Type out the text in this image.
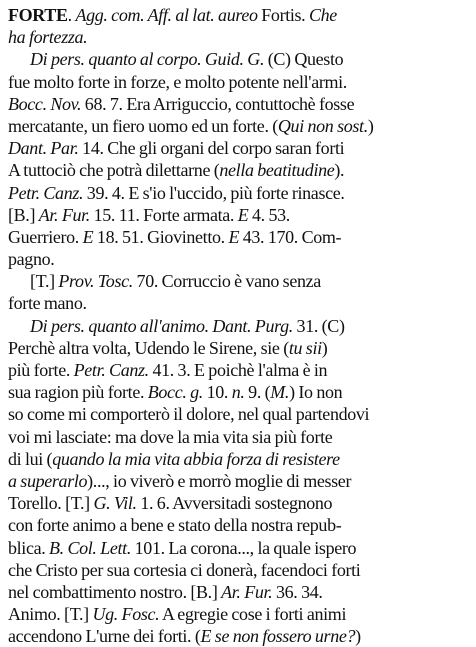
FORTE. Agg. com. Aff. al lat. aureo Fortis. Che
ha fortezza.
Di pers. quanto al corpo. Guid. G. (C) Questo
fue molto forte in forze, e molto potente nell'armi.
Bocc. Nov. 68. 7. Era Arriguccio, contuttochè fosse
mercatante, un fiero uomo ed un forte. (Qui non sost.)
Dant. Par. 14. Che gli organi del corpo saran forti
A tuttociò che potrà dilettarne (nella beatitudine).
Petr. Canz. 39. 4. E s'io l'uccido, più forte rinasce.
[B.] Ar. Fur. 15. 11. Forte armata. E 4. 53.
Guerriero. E 18. 51. Giovinetto. E 43. 170. Com-
pagno.
[T.] Prov. Tosc. 70. Corruccio è vano senza
forte mano.
Di pers. quanto all'animo. Dant. Purg. 31. (C)
Perchè altra volta, Udendo le Sirene, sie (tu sii)
più forte. Petr. Canz. 41. 3. E poichè l'alma è in
sua ragion più forte. Bocc. g. 10. n. 9. (M.) Io non
so come mi comporterò il dolore, nel qual partendovi
voi mi lasciate: ma dove la mia vita sia più forte
di lui (quando la mia vita abbia forza di resistere
a superarlo)..., io viverò e morrò moglie di messer
Torello. [T.] G. Vil. 1. 6. Avversitadi sostegnono
con forte animo a bene e stato della nostra repub-
blica. B. Col. Lett. 101. La corona..., la quale ispero
che Cristo per sua cortesia ci donerà, facendoci forti
nel combattimento nostro. [B.] Ar. Fur. 36. 34.
Animo. [T.] Ug. Fosc. A egregie cose i forti animi
accendono L'urne dei forti. (E se non fossero urne?)
